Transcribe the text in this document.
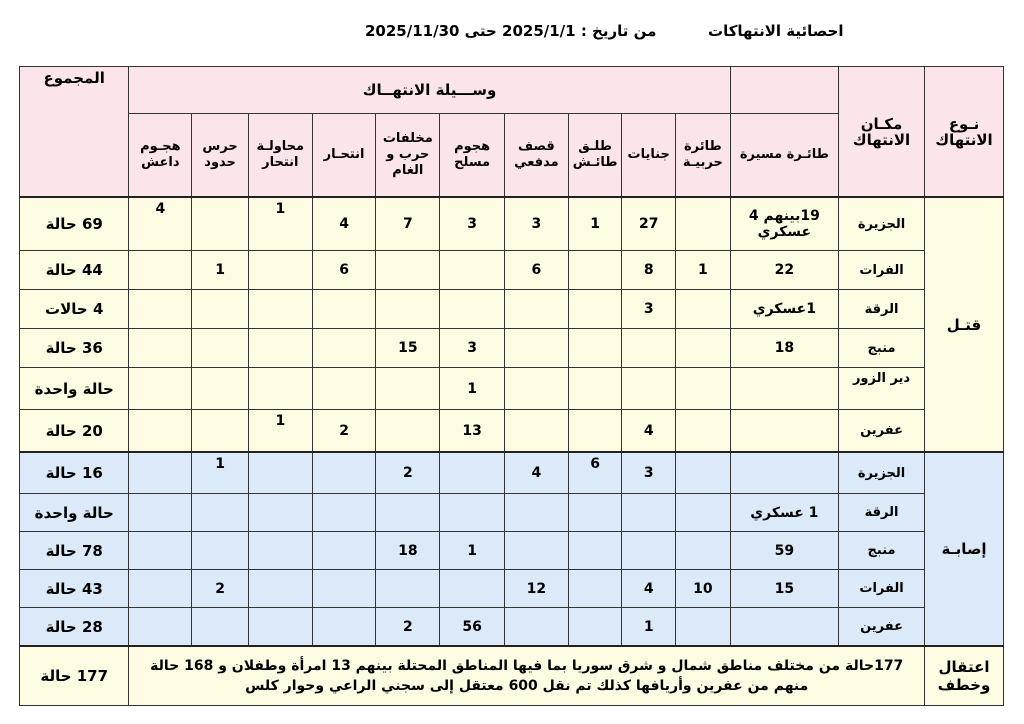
احصائية الانتهاكات
من تاريخ : 2025/1/1 حتى 2025/11/30
نـوع الانتهاك	مكـان الانتهاك		وســـيلة الانتهــاك										المجموع
		طائـرة مسيرة	طائرة حربيـة	جنايات	طلـق طائـش	قصف مدفعي	هجوم مسلح	مخلفات حرب و الغام	انتحـار	محاولـة انتحار	حرس حدود	هجـوم داعش	
قتـل	الجزيرة	19بينهم 4 عسكري		27	1	3	3	7	4	1		4	69 حالة
	الفرات	22	1	8		6			6		1		44 حالة
	الرقة	1عسكري		3									4 حالات
	منبج	18					3	15					36 حالة
	دير الزور						1						حالة واحدة
	عفرين			4			13		2	1			20 حالة
إصابـة	الجزيرة			3	6	4		2			1		16 حالة
	الرقة	1 عسكري											حالة واحدة
	منبج	59					1	18					78 حالة
	الفرات	15	10	4		12					2		43 حالة
	عفرين			1			56	2					28 حالة
اعتقال وخطف	177حالة من مختلف مناطق شمال و شرق سوريا بما فيها المناطق المحتلة بينهم 13 امرأة وطفلان و 168 حالة منهم من عفرين وأريافها كذلك تم نقل 600 معتقل إلى سجني الراعي وحوار كلس												177 حالة
